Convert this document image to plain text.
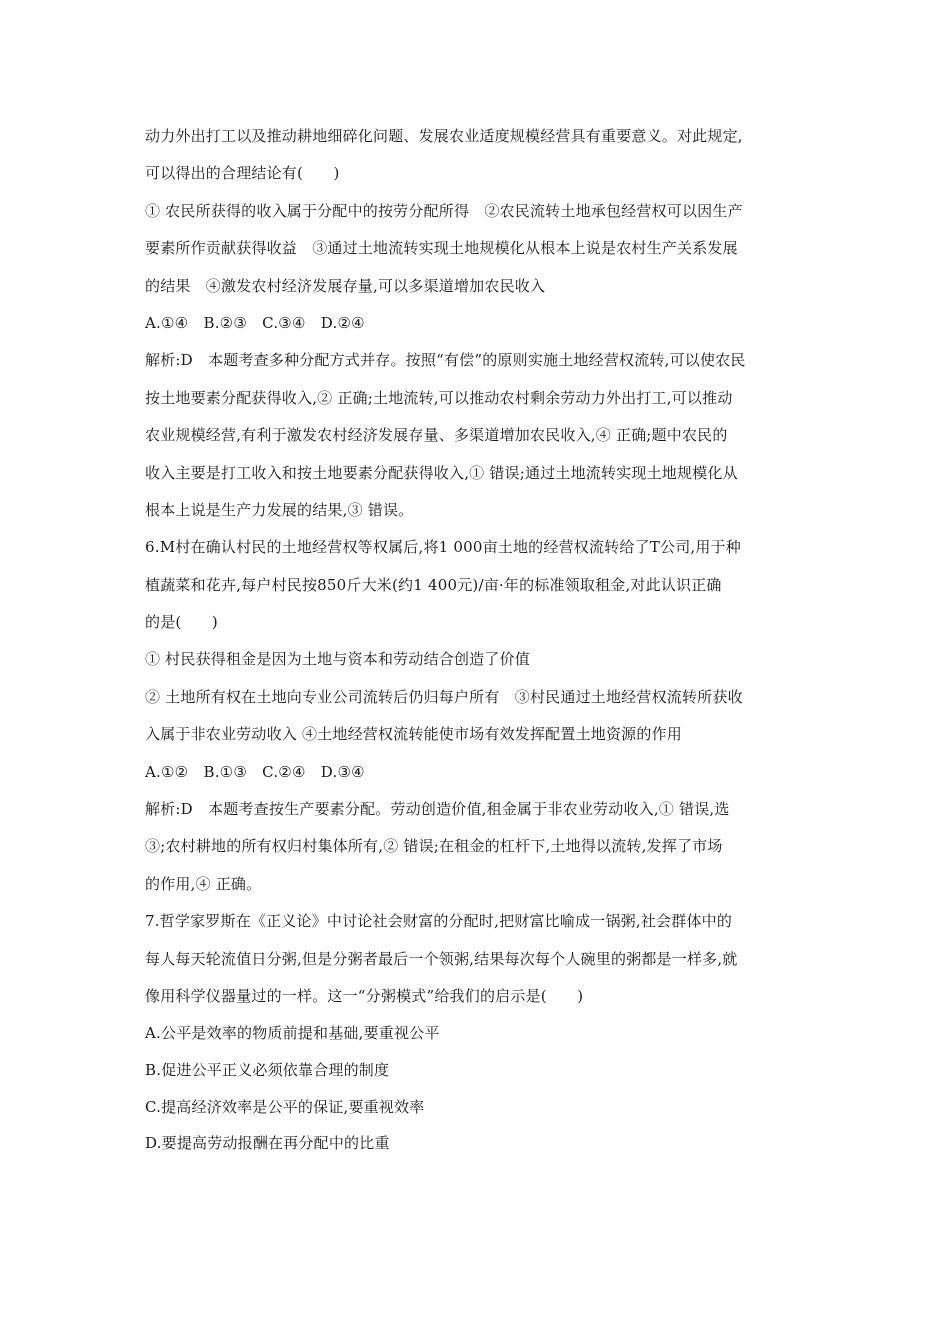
动力外出打工以及推动耕地细碎化问题、发展农业适度规模经营具有重要意义。对此规定,
可以得出的合理结论有(　　)
① 农民所获得的收入属于分配中的按劳分配所得　②农民流转土地承包经营权可以因生产
要素所作贡献获得收益　③通过土地流转实现土地规模化从根本上说是农村生产关系发展
的结果　④激发农村经济发展存量,可以多渠道增加农民收入
A.①④　B.②③　C.③④　D.②④
解析:D　本题考查多种分配方式并存。按照“有偿”的原则实施土地经营权流转,可以使农民
按土地要素分配获得收入,② 正确;土地流转,可以推动农村剩余劳动力外出打工,可以推动
农业规模经营,有利于激发农村经济发展存量、多渠道增加农民收入,④ 正确;题中农民的
收入主要是打工收入和按土地要素分配获得收入,① 错误;通过土地流转实现土地规模化从
根本上说是生产力发展的结果,③ 错误。
6.M村在确认村民的土地经营权等权属后,将1 000亩土地的经营权流转给了T公司,用于种
植蔬菜和花卉,每户村民按850斤大米(约1 400元)/亩·年的标准领取租金,对此认识正确
的是(　　)
① 村民获得租金是因为土地与资本和劳动结合创造了价值
② 土地所有权在土地向专业公司流转后仍归每户所有　③村民通过土地经营权流转所获收
入属于非农业劳动收入 ④土地经营权流转能使市场有效发挥配置土地资源的作用
A.①②　B.①③　C.②④　D.③④
解析:D　本题考查按生产要素分配。劳动创造价值,租金属于非农业劳动收入,① 错误,选
③;农村耕地的所有权归村集体所有,② 错误;在租金的杠杆下,土地得以流转,发挥了市场
的作用,④ 正确。
7.哲学家罗斯在《正义论》中讨论社会财富的分配时,把财富比喻成一锅粥,社会群体中的
每人每天轮流值日分粥,但是分粥者最后一个领粥,结果每次每个人碗里的粥都是一样多,就
像用科学仪器量过的一样。这一“分粥模式”给我们的启示是(　　)
A.公平是效率的物质前提和基础,要重视公平
B.促进公平正义必须依靠合理的制度
C.提高经济效率是公平的保证,要重视效率
D.要提高劳动报酬在再分配中的比重
